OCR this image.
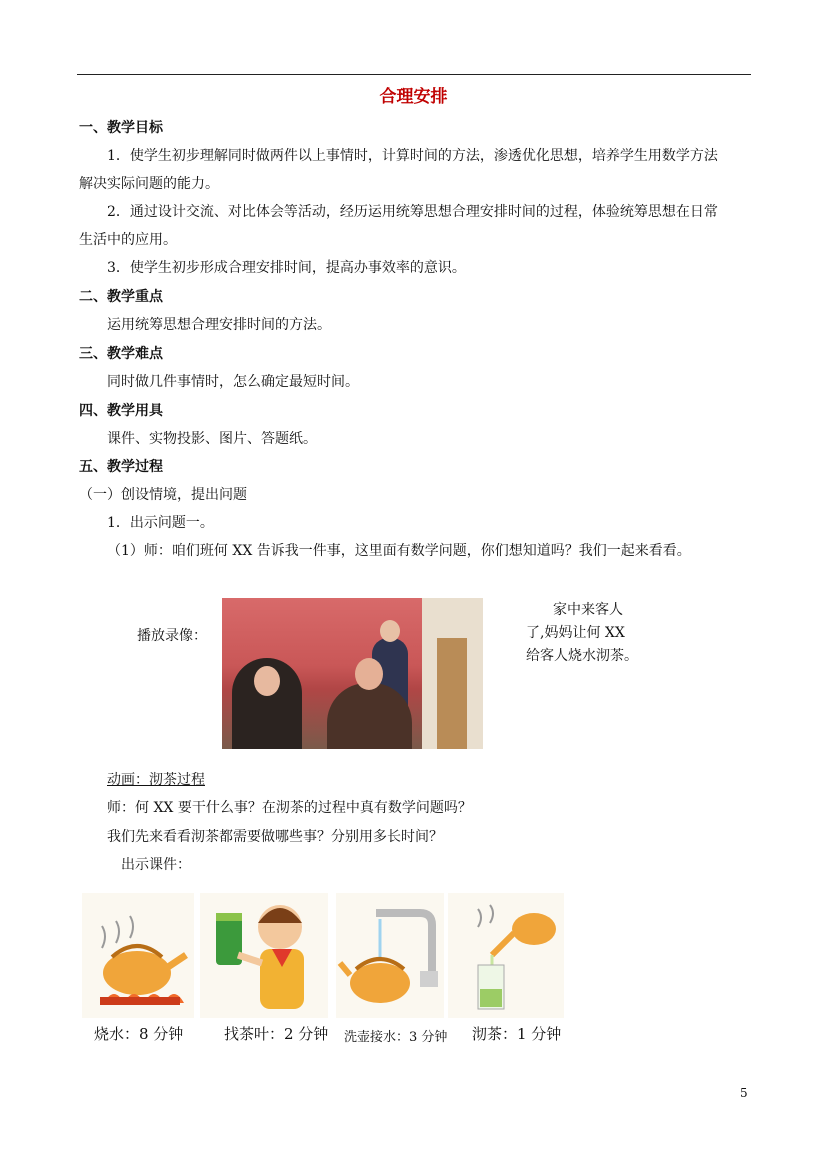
合理安排
一、教学目标
1．使学生初步理解同时做两件以上事情时，计算时间的方法，渗透优化思想，培养学生用数学方法
解决实际问题的能力。
2．通过设计交流、对比体会等活动，经历运用统筹思想合理安排时间的过程，体验统筹思想在日常
生活中的应用。
3．使学生初步形成合理安排时间，提高办事效率的意识。
二、教学重点
运用统筹思想合理安排时间的方法。
三、教学难点
同时做几件事情时，怎么确定最短时间。
四、教学用具
课件、实物投影、图片、答题纸。
五、教学过程
（一）创设情境，提出问题
1．出示问题一。
（1）师：咱们班何 XX 告诉我一件事，这里面有数学问题，你们想知道吗？我们一起来看看。
播放录像：
家中来客人
了,妈妈让何 XX
给客人烧水沏茶。
动画：沏茶过程
师：何 XX 要干什么事？在沏茶的过程中真有数学问题吗？
我们先来看看沏茶都需要做哪些事？分别用多长时间？
出示课件：
烧水：8 分钟	找茶叶：2 分钟 洗壶接水：3 分钟 沏茶：1 分钟
5
